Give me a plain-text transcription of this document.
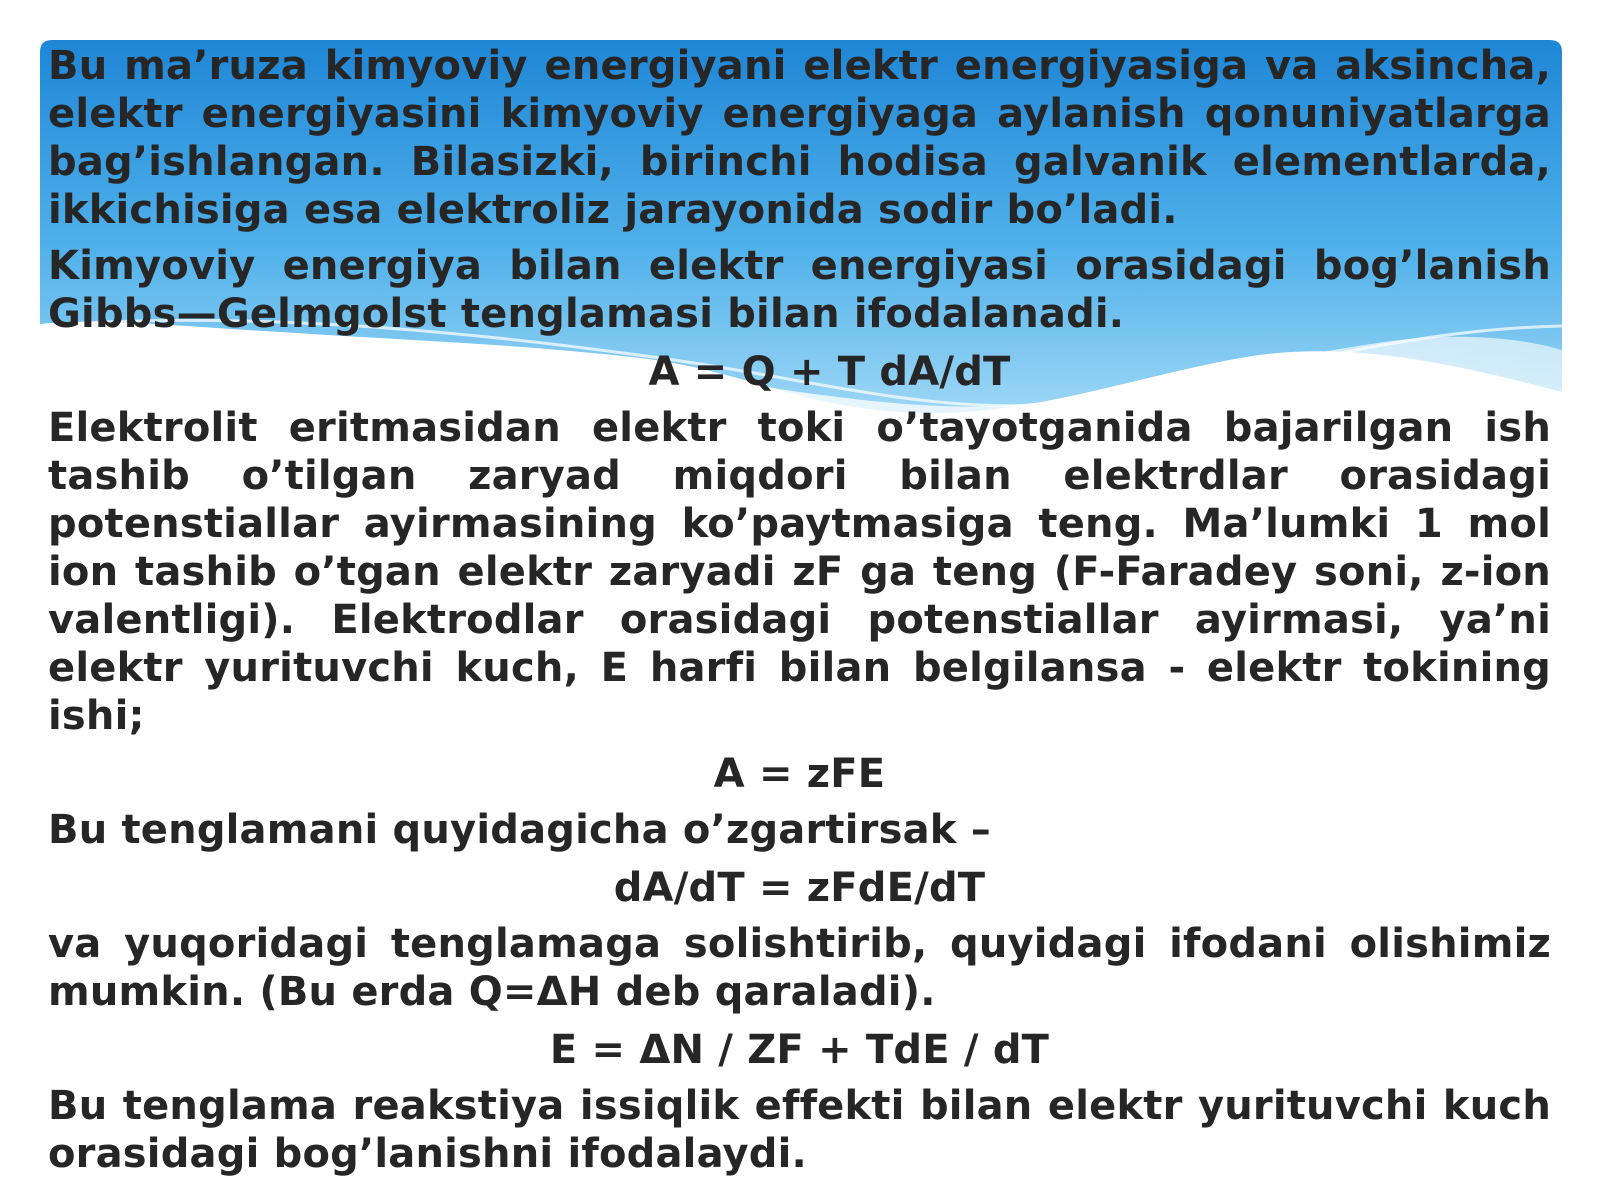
Bu ma’ruza kimyoviy energiyani elektr energiyasiga va aksincha, elektr energiyasini kimyoviy energiyaga aylanish qonuniyatlarga bag’ishlangan. Bilasizki, birinchi hodisa galvanik elementlarda, ikkichisiga esa elektroliz jarayonida sodir bo’ladi.

Kimyoviy energiya bilan elektr energiyasi orasidagi bog’lanish Gibbs—Gelmgolst tenglamasi bilan ifodalanadi.

A = Q + T dA/dT

Elektrolit eritmasidan elektr toki o’tayotganida bajarilgan ish tashib o’tilgan zaryad miqdori bilan elektrdlar orasidagi potenstiallar ayirmasining ko’paytmasiga teng. Ma’lumki 1 mol ion tashib o’tgan elektr zaryadi zF ga teng (F-Faradey soni, z-ion valentligi). Elektrodlar orasidagi potenstiallar ayirmasi, ya’ni elektr yurituvchi kuch, E harfi bilan belgilansa - elektr tokining ishi;

A = zFE

Bu tenglamani quyidagicha o’zgartirsak –

dA/dT = zFdE/dT

va yuqoridagi tenglamaga solishtirib, quyidagi ifodani olishimiz mumkin. (Bu erda Q=ΔH deb qaraladi).

E = ΔN / ZF + TdE / dT

Bu tenglama reakstiya issiqlik effekti bilan elektr yurituvchi kuch orasidagi bog’lanishni ifodalaydi.
